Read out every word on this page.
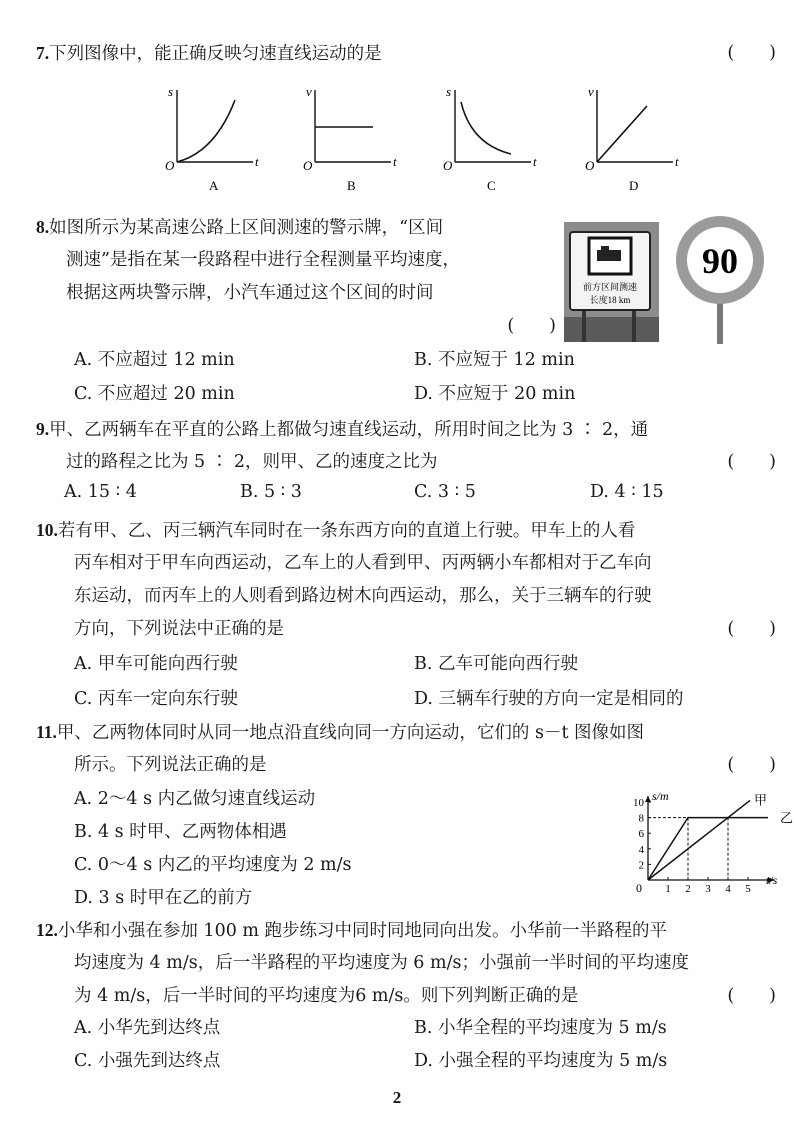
7.下列图像中，能正确反映匀速直线运动的是	(　　)
s
t
O
A
v
t
O
B
s
t
O
C
v
t
O
D
8.如图所示为某高速公路上区间测速的警示牌，“区间
测速”是指在某一段路程中进行全程测量平均速度，
根据这两块警示牌，小汽车通过这个区间的时间
(　　)
前方区间测速
长度18 km
90
A. 不应超过 12 min	B. 不应短于 12 min
C. 不应超过 20 min	D. 不应短于 20 min
9.甲、乙两辆车在平直的公路上都做匀速直线运动，所用时间之比为 3 ∶ 2，通
过的路程之比为 5 ∶ 2，则甲、乙的速度之比为	(　　)
A. 15 ∶ 4	B. 5 ∶ 3	C. 3 ∶ 5	D. 4 ∶ 15
10.若有甲、乙、丙三辆汽车同时在一条东西方向的直道上行驶。甲车上的人看
丙车相对于甲车向西运动，乙车上的人看到甲、丙两辆小车都相对于乙车向
东运动，而丙车上的人则看到路边树木向西运动，那么，关于三辆车的行驶
方向，下列说法中正确的是	(　　)
A. 甲车可能向西行驶	B. 乙车可能向西行驶
C. 丙车一定向东行驶	D. 三辆车行驶的方向一定是相同的
11.甲、乙两物体同时从同一地点沿直线向同一方向运动，它们的 s－t 图像如图
所示。下列说法正确的是	(　　)
A. 2～4 s 内乙做匀速直线运动
B. 4 s 时甲、乙两物体相遇
C. 0～4 s 内乙的平均速度为 2 m/s
D. 3 s 时甲在乙的前方	1 2 3 4 5
2
4
6
8
10 s/m
t/s
0
甲
乙
12.小华和小强在参加 100 m 跑步练习中同时同地同向出发。小华前一半路程的平
均速度为 4 m/s，后一半路程的平均速度为 6 m/s；小强前一半时间的平均速度
为 4 m/s，后一半时间的平均速度为6 m/s。则下列判断正确的是	(　　)
A. 小华先到达终点	B. 小华全程的平均速度为 5 m/s
C. 小强先到达终点	D. 小强全程的平均速度为 5 m/s
2
